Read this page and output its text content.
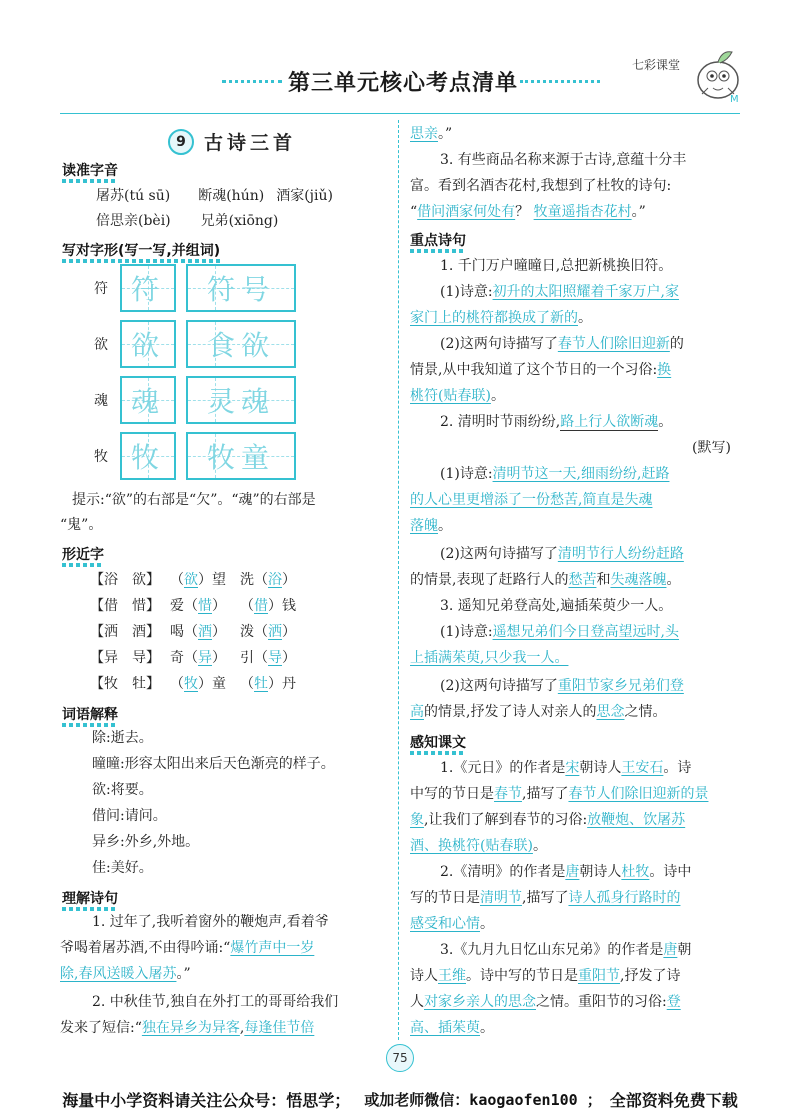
第三单元核心考点清单
七彩课堂
M
9 古诗三首
读准字音
屠苏(tú sū) 断魂(hún) 酒家(jiǔ)
倍思亲(bèi) 兄弟(xiōng)
写对字形(写一写,并组词)
符 符 符 号
欲 欲 食 欲
魂 魂 灵 魂
牧 牧 牧 童
提示:“欲”的右部是“欠”。“魂”的右部是
“鬼”。
形近字
【浴　欲】 （欲）望 洗（浴）
【借　惜】 爱（惜） （借）钱
【洒　酒】 喝（酒） 泼（洒）
【异　导】 奇（异） 引（导）
【牧　牡】 （牧）童 （牡）丹
词语解释
除:逝去。
曈曈:形容太阳出来后天色渐亮的样子。
欲:将要。
借问:请问。
异乡:外乡,外地。
佳:美好。
理解诗句
1. 过年了,我听着窗外的鞭炮声,看着爷
爷喝着屠苏酒,不由得吟诵:“爆竹声中一岁
除,春风送暖入屠苏。”
2. 中秋佳节,独自在外打工的哥哥给我们
发来了短信:“独在异乡为异客,每逢佳节倍
思亲。”
3. 有些商品名称来源于古诗,意蕴十分丰
富。看到名酒杏花村,我想到了杜牧的诗句:
“借问酒家何处有？ 牧童遥指杏花村。”
重点诗句
1. 千门万户曈曈日,总把新桃换旧符。
(1)诗意:初升的太阳照耀着千家万户,家
家门上的桃符都换成了新的。
(2)这两句诗描写了春节人们除旧迎新的
情景,从中我知道了这个节日的一个习俗:换
桃符(贴春联)。
2. 清明时节雨纷纷,路上行人欲断魂。
(默写)
(1)诗意:清明节这一天,细雨纷纷,赶路
的人心里更增添了一份愁苦,简直是失魂
落魄。
(2)这两句诗描写了清明节行人纷纷赶路
的情景,表现了赶路行人的愁苦和失魂落魄。
3. 遥知兄弟登高处,遍插茱萸少一人。
(1)诗意:遥想兄弟们今日登高望远时,头
上插满茱萸,只少我一人。
(2)这两句诗描写了重阳节家乡兄弟们登
高的情景,抒发了诗人对亲人的思念之情。
感知课文
1.《元日》的作者是宋朝诗人王安石。诗
中写的节日是春节,描写了春节人们除旧迎新的景
象,让我们了解到春节的习俗:放鞭炮、饮屠苏
酒、换桃符(贴春联)。
2.《清明》的作者是唐朝诗人杜牧。诗中
写的节日是清明节,描写了诗人孤身行路时的
感受和心情。
3.《九月九日忆山东兄弟》的作者是唐朝
诗人王维。诗中写的节日是重阳节,抒发了诗
人对家乡亲人的思念之情。重阳节的习俗:登
高、插茱萸。
75
海量中小学资料请关注公众号：悟思学； 或加老师微信：kaogaofen100 ； 全部资料免费下载
